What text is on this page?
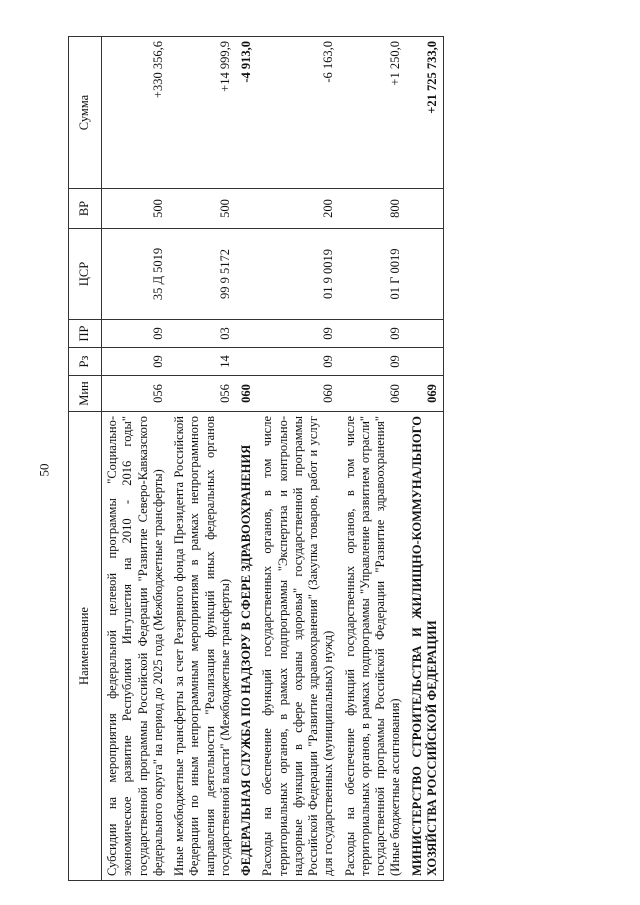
50
Наименование	Мин	Рз	ПР	ЦСР	ВР	Сумма
Субсидии на мероприятия федеральной целевой программы "Социально-экономическое развитие Республики Ингушетия на 2010 - 2016 годы" государственной программы Российской Федерации "Развитие Северо-Кавказского федерального округа" на период до 2025 года (Межбюджетные трансферты)	056	09	09	35 Д 5019	500	+330 356,6
Иные межбюджетные трансферты за счет Резервного фонда Президента Российской Федерации по иным непрограммным мероприятиям в рамках непрограммного направления деятельности "Реализация функций иных федеральных органов государственной власти" (Межбюджетные трансферты)	056	14	03	99 9 5172	500	+14 999,9
ФЕДЕРАЛЬНАЯ СЛУЖБА ПО НАДЗОРУ В СФЕРЕ ЗДРАВООХРАНЕНИЯ	060					-4 913,0
Расходы на обеспечение функций государственных органов, в том числе территориальных органов, в рамках подпрограммы "Экспертиза и контрольно-надзорные функции в сфере охраны здоровья" государственной программы Российской Федерации "Развитие здравоохранения" (Закупка товаров, работ и услуг для государственных (муниципальных) нужд)	060	09	09	01 9 0019	200	-6 163,0
Расходы на обеспечение функций государственных органов, в том числе территориальных органов, в рамках подпрограммы "Управление развитием отрасли" государственной программы Российской Федерации "Развитие здравоохранения" (Иные бюджетные ассигнования)	060	09	09	01 Г 0019	800	+1 250,0
МИНИСТЕРСТВО СТРОИТЕЛЬСТВА И ЖИЛИЩНО-КОММУНАЛЬНОГО ХОЗЯЙСТВА РОССИЙСКОЙ ФЕДЕРАЦИИ	069					+21 725 733,0
